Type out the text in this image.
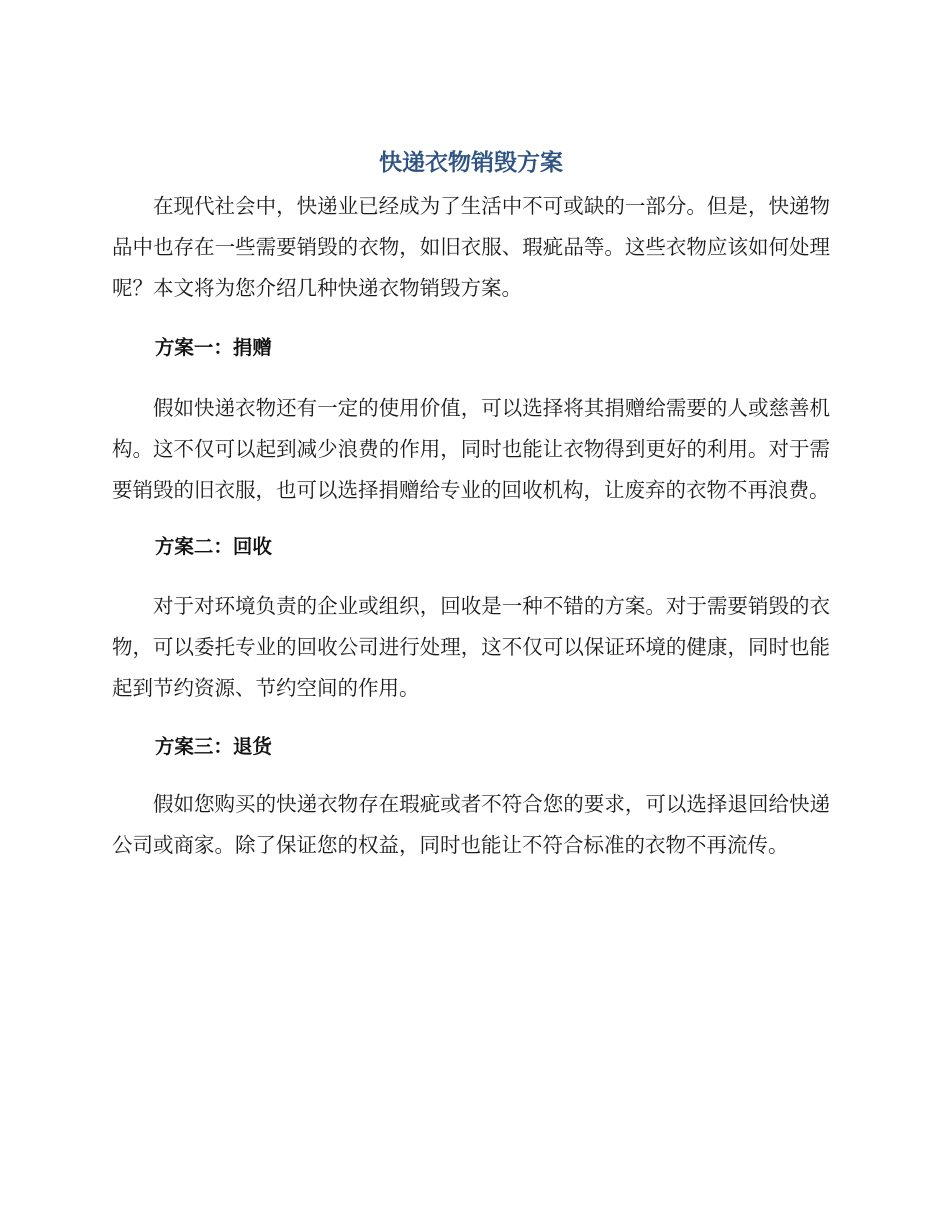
快递衣物销毁方案

在现代社会中，快递业已经成为了生活中不可或缺的一部分。但是，快递物品中也存在一些需要销毁的衣物，如旧衣服、瑕疵品等。这些衣物应该如何处理呢？本文将为您介绍几种快递衣物销毁方案。

方案一：捐赠

假如快递衣物还有一定的使用价值，可以选择将其捐赠给需要的人或慈善机构。这不仅可以起到减少浪费的作用，同时也能让衣物得到更好的利用。对于需要销毁的旧衣服，也可以选择捐赠给专业的回收机构，让废弃的衣物不再浪费。

方案二：回收

对于对环境负责的企业或组织，回收是一种不错的方案。对于需要销毁的衣物，可以委托专业的回收公司进行处理，这不仅可以保证环境的健康，同时也能起到节约资源、节约空间的作用。

方案三：退货

假如您购买的快递衣物存在瑕疵或者不符合您的要求，可以选择退回给快递公司或商家。除了保证您的权益，同时也能让不符合标准的衣物不再流传。
